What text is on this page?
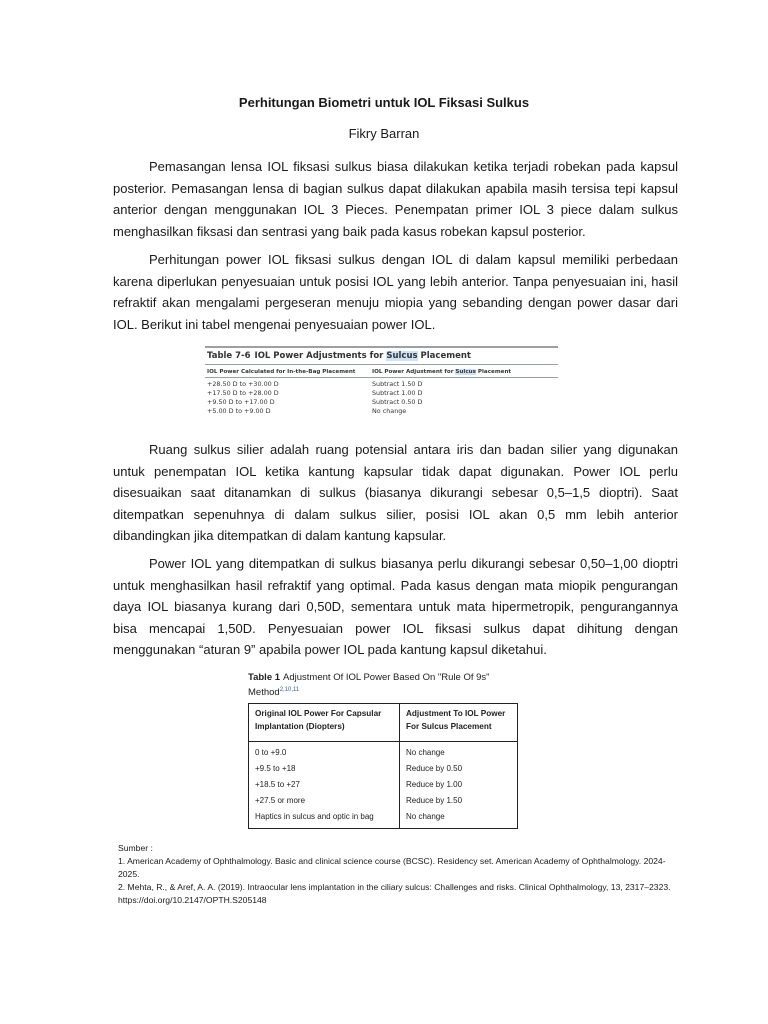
Perhitungan Biometri untuk IOL Fiksasi Sulkus
Fikry Barran

Pemasangan lensa IOL fiksasi sulkus biasa dilakukan ketika terjadi robekan pada kapsul posterior. Pemasangan lensa di bagian sulkus dapat dilakukan apabila masih tersisa tepi kapsul anterior dengan menggunakan IOL 3 Pieces. Penempatan primer IOL 3 piece dalam sulkus menghasilkan fiksasi dan sentrasi yang baik pada kasus robekan kapsul posterior.

Perhitungan power IOL fiksasi sulkus dengan IOL di dalam kapsul memiliki perbedaan karena diperlukan penyesuaian untuk posisi IOL yang lebih anterior. Tanpa penyesuaian ini, hasil refraktif akan mengalami pergeseran menuju miopia yang sebanding dengan power dasar dari IOL. Berikut ini tabel mengenai penyesuaian power IOL.

Table 7-6 IOL Power Adjustments for Sulcus Placement
IOL Power Calculated for In-the-Bag Placement	IOL Power Adjustment for Sulcus Placement
+28.50 D to +30.00 D	Subtract 1.50 D
+17.50 D to +28.00 D	Subtract 1.00 D
+9.50 D to +17.00 D	Subtract 0.50 D
+5.00 D to +9.00 D	No change

Ruang sulkus silier adalah ruang potensial antara iris dan badan silier yang digunakan untuk penempatan IOL ketika kantung kapsular tidak dapat digunakan. Power IOL perlu disesuaikan saat ditanamkan di sulkus (biasanya dikurangi sebesar 0,5–1,5 dioptri). Saat ditempatkan sepenuhnya di dalam sulkus silier, posisi IOL akan 0,5 mm lebih anterior dibandingkan jika ditempatkan di dalam kantung kapsular.

Power IOL yang ditempatkan di sulkus biasanya perlu dikurangi sebesar 0,50–1,00 dioptri untuk menghasilkan hasil refraktif yang optimal. Pada kasus dengan mata miopik pengurangan daya IOL biasanya kurang dari 0,50D, sementara untuk mata hipermetropik, pengurangannya bisa mencapai 1,50D. Penyesuaian power IOL fiksasi sulkus dapat dihitung dengan menggunakan “aturan 9” apabila power IOL pada kantung kapsul diketahui.

Table 1 Adjustment Of IOL Power Based On "Rule Of 9s" Method$^{2,10,11}$
Original IOL Power For Capsular Implantation (Diopters)	Adjustment To IOL Power For Sulcus Placement
0 to +9.0	No change
+9.5 to +18	Reduce by 0.50
+18.5 to +27	Reduce by 1.00
+27.5 or more	Reduce by 1.50
Haptics in sulcus and optic in bag	No change
Sumber :
1. American Academy of Ophthalmology. Basic and clinical science course (BCSC). Residency set. American Academy of Ophthalmology. 2024-2025.
2. Mehta, R., & Aref, A. A. (2019). Intraocular lens implantation in the ciliary sulcus: Challenges and risks. Clinical Ophthalmology, 13, 2317–2323. https://doi.org/10.2147/OPTH.S205148
